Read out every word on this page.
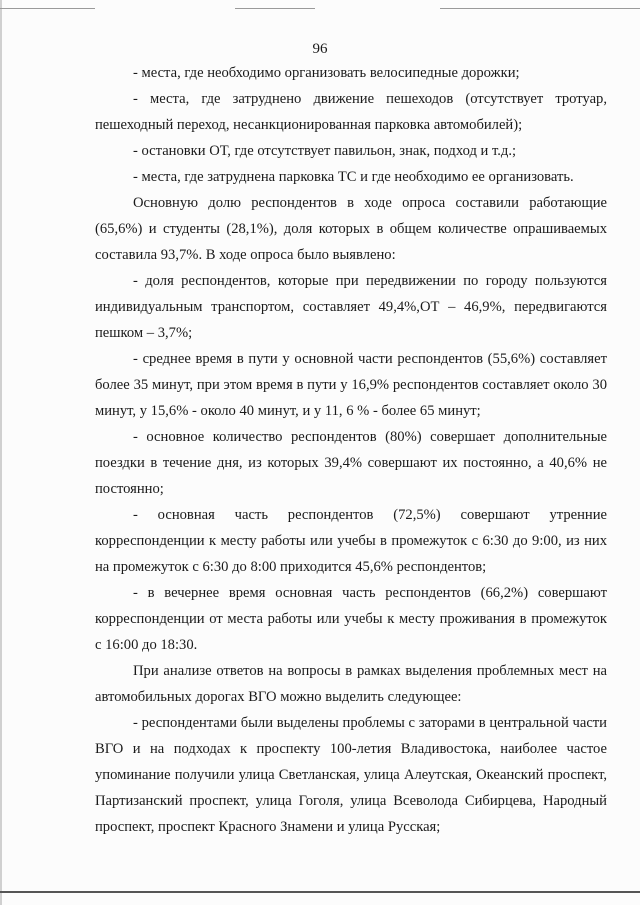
96

- места, где необходимо организовать велосипедные дорожки;

- места, где затруднено движение пешеходов (отсутствует тротуар, пешеходный переход, несанкционированная парковка автомобилей);

- остановки ОТ, где отсутствует павильон, знак, подход и т.д.;

- места, где затруднена парковка ТС и где необходимо ее организовать.

Основную долю респондентов в ходе опроса составили работающие (65,6%) и студенты (28,1%), доля которых в общем количестве опрашиваемых составила 93,7%. В ходе опроса было выявлено:

- доля респондентов, которые при передвижении по городу пользуются индивидуальным транспортом, составляет 49,4%,ОТ – 46,9%, передвигаются пешком – 3,7%;

- среднее время в пути у основной части респондентов (55,6%) составляет более 35 минут, при этом время в пути у 16,9% респондентов составляет около 30 минут, у 15,6% - около 40 минут, и у 11, 6 % - более 65 минут;

- основное количество респондентов (80%) совершает дополнительные поездки в течение дня, из которых 39,4% совершают их постоянно, а 40,6% не постоянно;

- основная часть респондентов (72,5%) совершают утренние корреспонденции к месту работы или учебы в промежуток с 6:30 до 9:00, из них на промежуток с 6:30 до 8:00 приходится 45,6% респондентов;

- в вечернее время основная часть респондентов (66,2%) совершают корреспонденции от места работы или учебы к месту проживания в промежуток с 16:00 до 18:30.

При анализе ответов на вопросы в рамках выделения проблемных мест на автомобильных дорогах ВГО можно выделить следующее:

- респондентами были выделены проблемы с заторами в центральной части ВГО и на подходах к проспекту 100-летия Владивостока, наиболее частое упоминание получили улица Светланская, улица Алеутская, Океанский проспект, Партизанский проспект, улица Гоголя, улица Всеволода Сибирцева, Народный проспект, проспект Красного Знамени и улица Русская;
